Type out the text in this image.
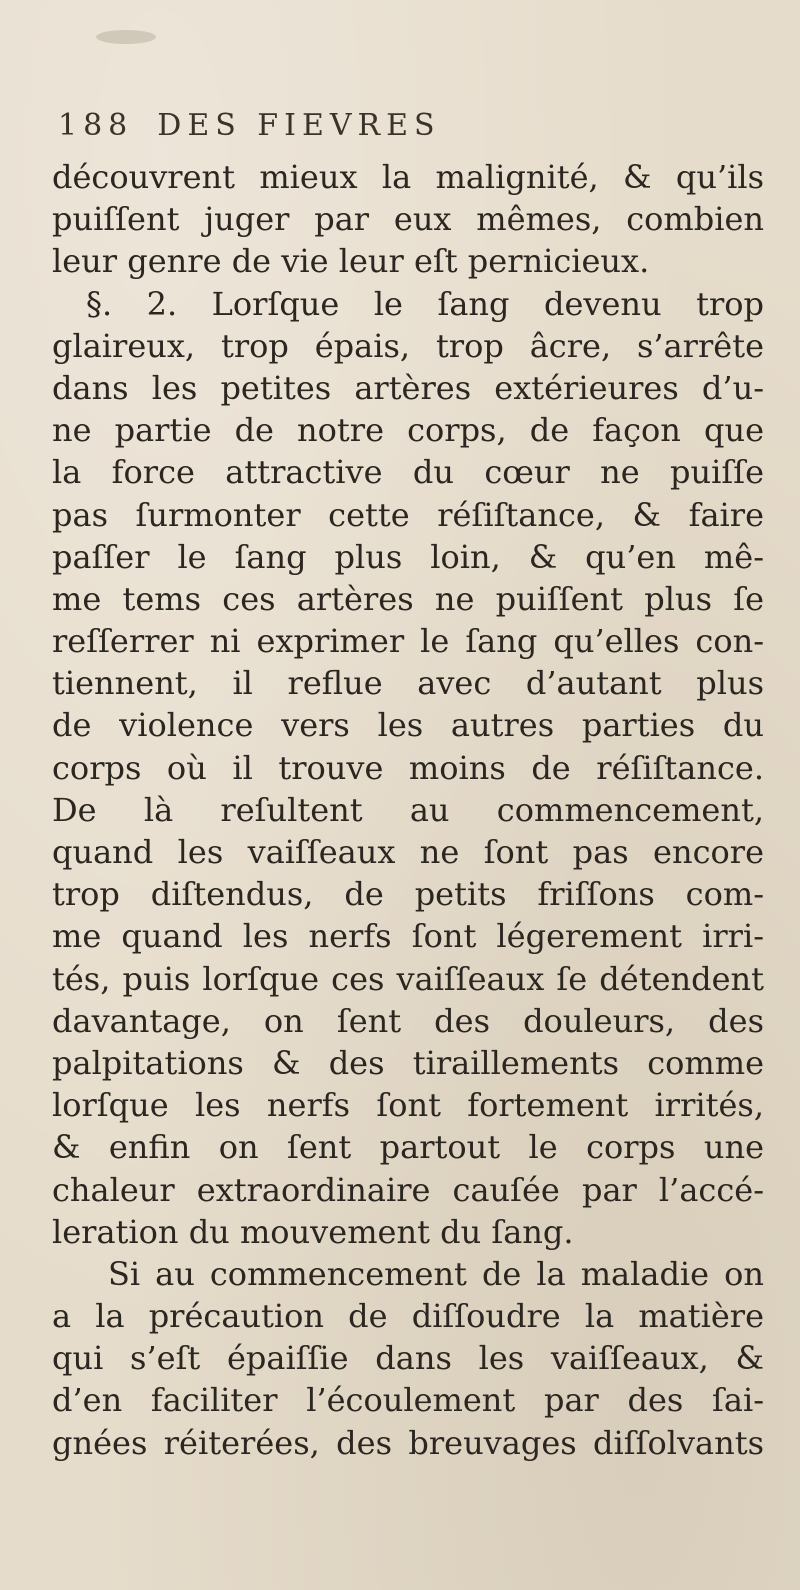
188 DES FIEVRES
découvrent mieux la malignité, & qu’ils
puiſſent juger par eux mêmes, combien
leur genre de vie leur eſt pernicieux.
§. 2. Lorſque le ſang devenu trop
glaireux, trop épais, trop âcre, s’arrête
dans les petites artères extérieures d’u-
ne partie de notre corps, de façon que
la force attractive du cœur ne puiſſe
pas ſurmonter cette réſiſtance, & faire
paſſer le ſang plus loin, & qu’en mê-
me tems ces artères ne puiſſent plus ſe
reſſerrer ni exprimer le ſang qu’elles con-
tiennent, il reflue avec d’autant plus
de violence vers les autres parties du
corps où il trouve moins de réſiſtance.
De là reſultent au commencement,
quand les vaiſſeaux ne ſont pas encore
trop diſtendus, de petits friſſons com-
me quand les nerfs ſont légerement irri-
tés, puis lorſque ces vaiſſeaux ſe détendent
davantage, on ſent des douleurs, des
palpitations & des tiraillements comme
lorſque les nerfs ſont fortement irrités,
& enfin on ſent partout le corps une
chaleur extraordinaire cauſée par l’accé-
leration du mouvement du ſang.
Si au commencement de la maladie on
a la précaution de diſſoudre la matière
qui s’eſt épaiſſie dans les vaiſſeaux, &
d’en faciliter l’écoulement par des ſai-
gnées réiterées, des breuvages diſſolvants
